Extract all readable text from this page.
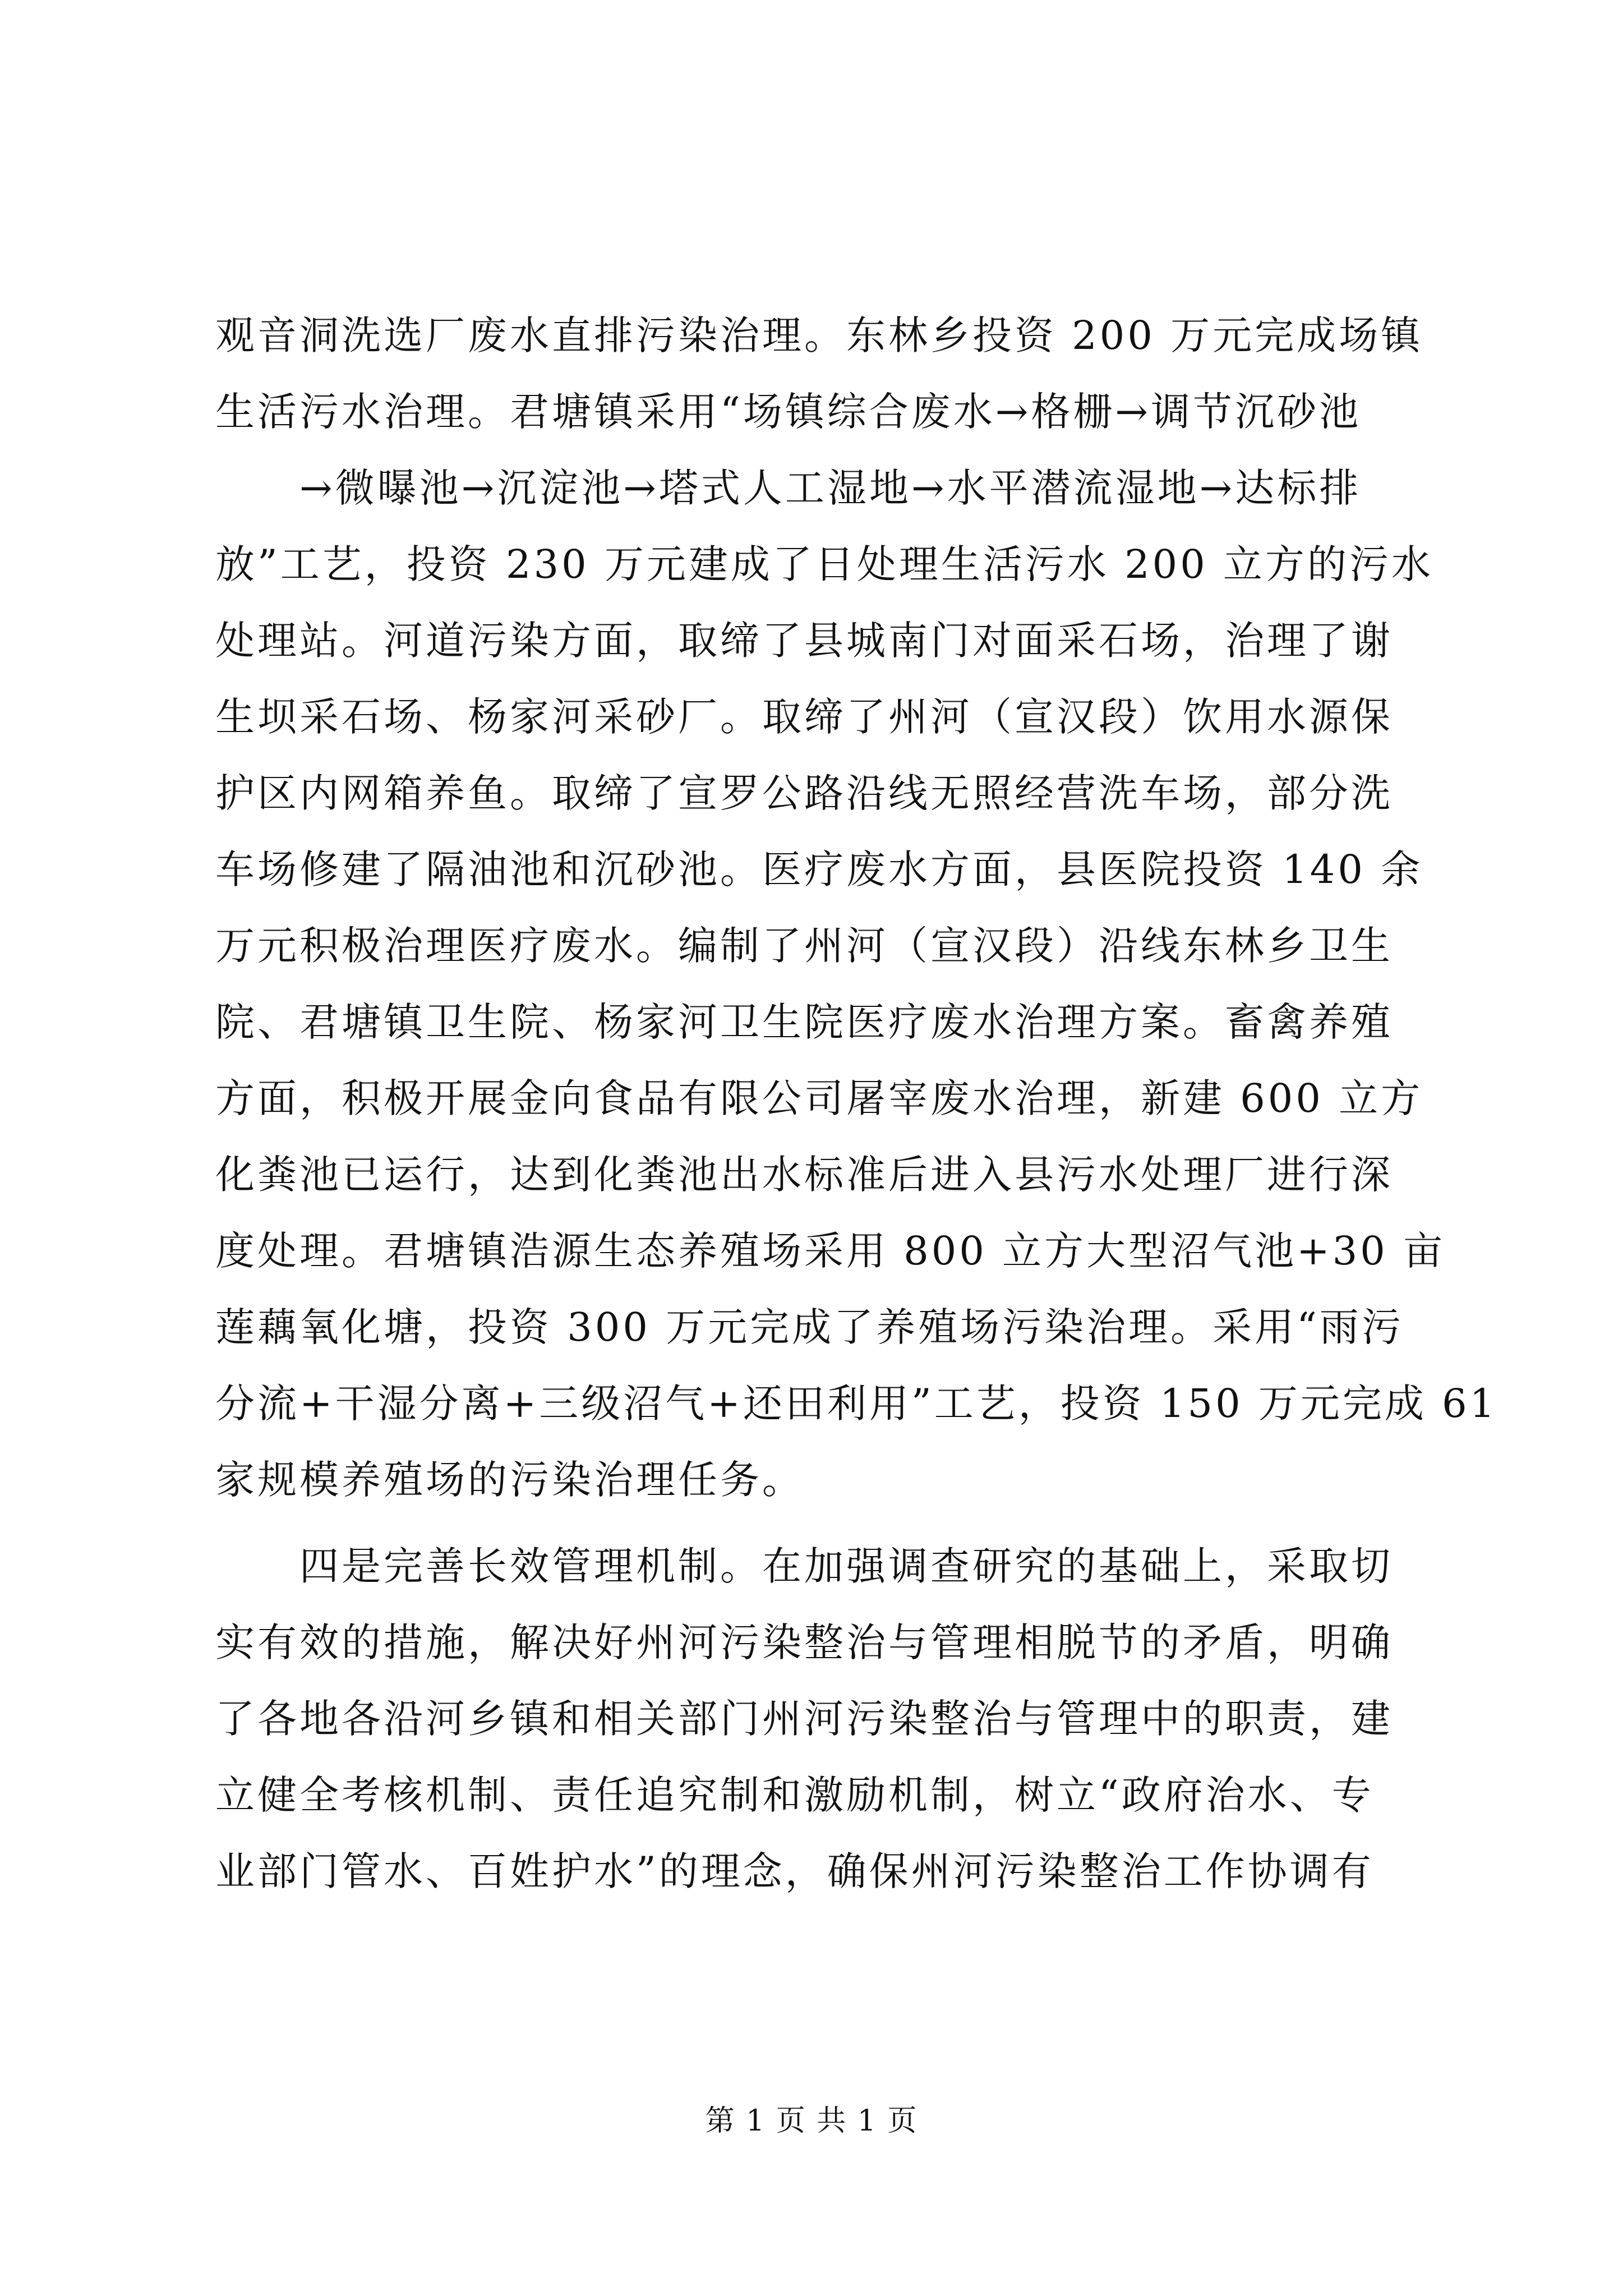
观音洞洗选厂废水直排污染治理。东林乡投资 200 万元完成场镇
生活污水治理。君塘镇采用“场镇综合废水→格栅→调节沉砂池
→微曝池→沉淀池→塔式人工湿地→水平潜流湿地→达标排
放”工艺，投资 230 万元建成了日处理生活污水 200 立方的污水
处理站。河道污染方面，取缔了县城南门对面采石场，治理了谢
生坝采石场、杨家河采砂厂。取缔了州河（宣汉段）饮用水源保
护区内网箱养鱼。取缔了宣罗公路沿线无照经营洗车场，部分洗
车场修建了隔油池和沉砂池。医疗废水方面，县医院投资 140 余
万元积极治理医疗废水。编制了州河（宣汉段）沿线东林乡卫生
院、君塘镇卫生院、杨家河卫生院医疗废水治理方案。畜禽养殖
方面，积极开展金向食品有限公司屠宰废水治理，新建 600 立方
化粪池已运行，达到化粪池出水标准后进入县污水处理厂进行深
度处理。君塘镇浩源生态养殖场采用 800 立方大型沼气池+30 亩
莲藕氧化塘，投资 300 万元完成了养殖场污染治理。采用“雨污
分流+干湿分离+三级沼气+还田利用”工艺，投资 150 万元完成 61
家规模养殖场的污染治理任务。
四是完善长效管理机制。在加强调查研究的基础上，采取切
实有效的措施，解决好州河污染整治与管理相脱节的矛盾，明确
了各地各沿河乡镇和相关部门州河污染整治与管理中的职责，建
立健全考核机制、责任追究制和激励机制，树立“政府治水、专
业部门管水、百姓护水”的理念，确保州河污染整治工作协调有
第 1 页 共 1 页
